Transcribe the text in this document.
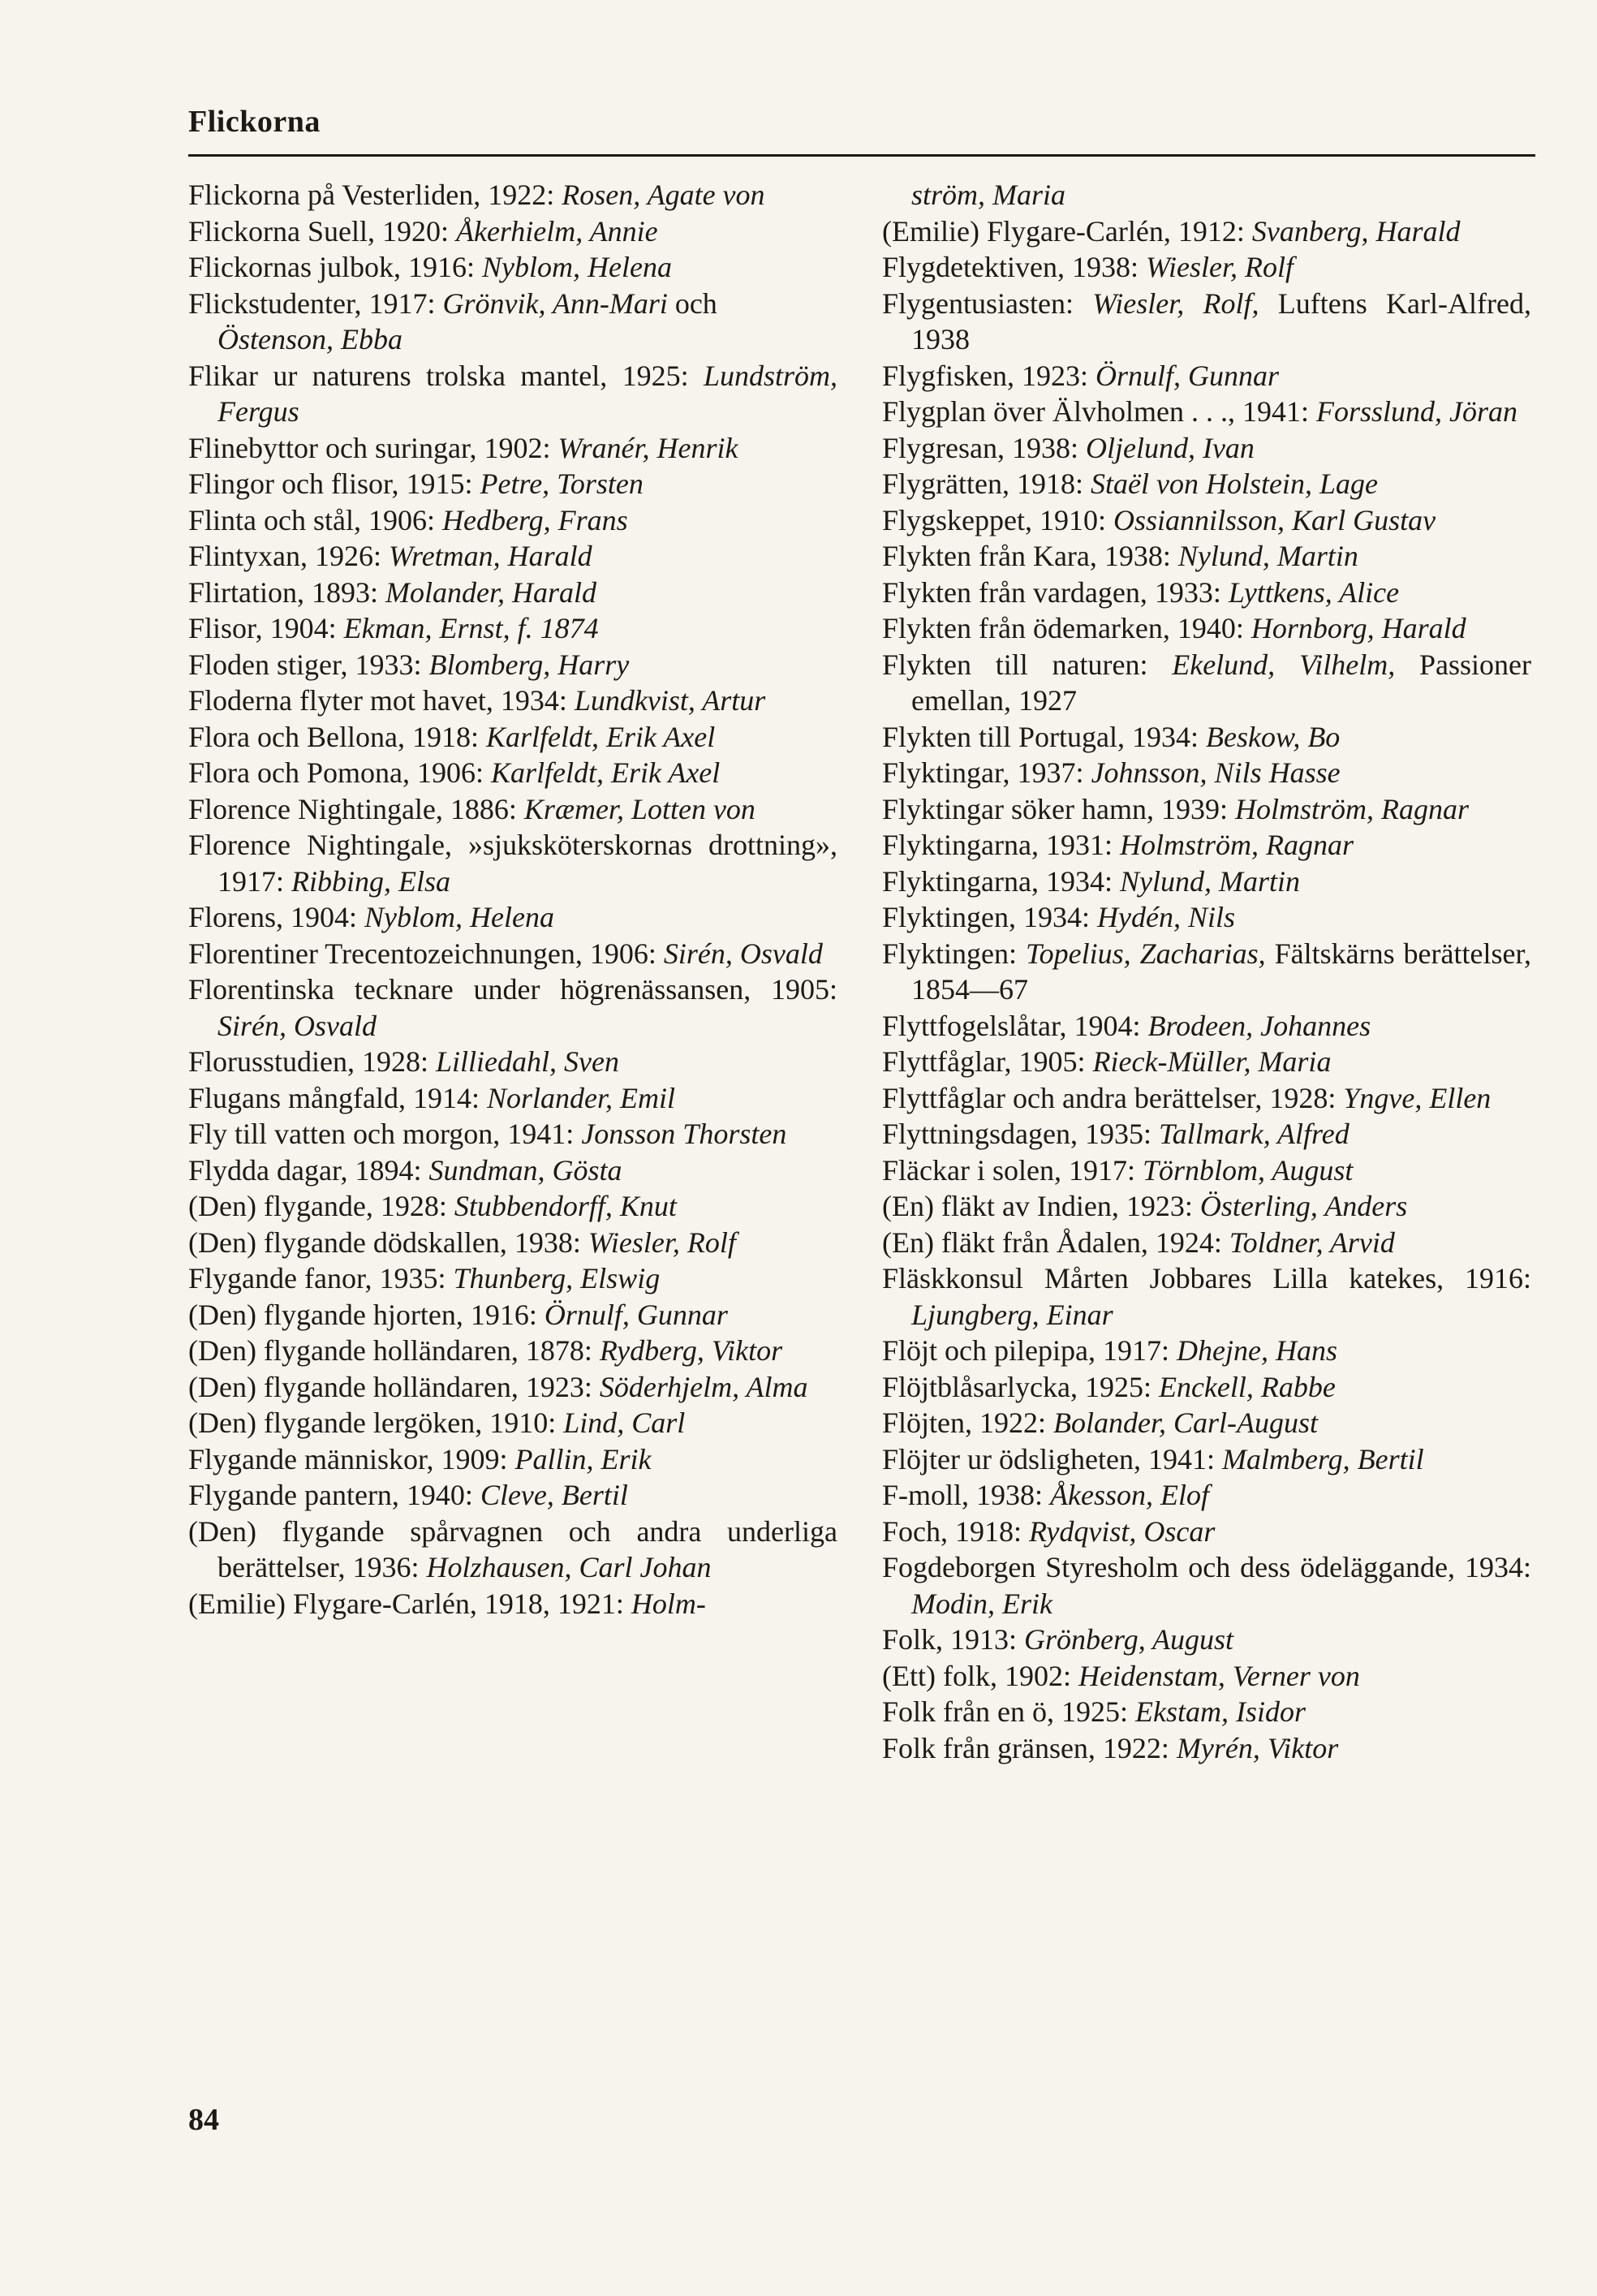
Flickorna

Flickorna på Vesterliden, 1922: Rosen, Agate von

Flickorna Suell, 1920: Åkerhielm, Annie

Flickornas julbok, 1916: Nyblom, Helena

Flickstudenter, 1917: Grönvik, Ann-Mari och

Östenson, Ebba

Flikar ur naturens trolska mantel, 1925: Lundström, Fergus

Flinebyttor och suringar, 1902: Wranér, Henrik

Flingor och flisor, 1915: Petre, Torsten

Flinta och stål, 1906: Hedberg, Frans

Flintyxan, 1926: Wretman, Harald

Flirtation, 1893: Molander, Harald

Flisor, 1904: Ekman, Ernst, f. 1874

Floden stiger, 1933: Blomberg, Harry

Floderna flyter mot havet, 1934: Lundkvist, Artur

Flora och Bellona, 1918: Karlfeldt, Erik Axel

Flora och Pomona, 1906: Karlfeldt, Erik Axel

Florence Nightingale, 1886: Kræmer, Lotten von

Florence Nightingale, »sjuksköterskornas drottning», 1917: Ribbing, Elsa

Florens, 1904: Nyblom, Helena

Florentiner Trecentozeichnungen, 1906: Sirén, Osvald

Florentinska tecknare under högrenässansen, 1905: Sirén, Osvald

Florusstudien, 1928: Lilliedahl, Sven

Flugans mångfald, 1914: Norlander, Emil

Fly till vatten och morgon, 1941: Jonsson Thorsten

Flydda dagar, 1894: Sundman, Gösta

(Den) flygande, 1928: Stubbendorff, Knut

(Den) flygande dödskallen, 1938: Wiesler, Rolf

Flygande fanor, 1935: Thunberg, Elswig

(Den) flygande hjorten, 1916: Örnulf, Gunnar

(Den) flygande holländaren, 1878: Rydberg, Viktor

(Den) flygande holländaren, 1923: Söderhjelm, Alma

(Den) flygande lergöken, 1910: Lind, Carl

Flygande människor, 1909: Pallin, Erik

Flygande pantern, 1940: Cleve, Bertil

(Den) flygande spårvagnen och andra underliga berättelser, 1936: Holzhausen, Carl Johan

(Emilie) Flygare-Carlén, 1918, 1921: Holm-

ström, Maria

(Emilie) Flygare-Carlén, 1912: Svanberg, Harald

Flygdetektiven, 1938: Wiesler, Rolf

Flygentusiasten: Wiesler, Rolf, Luftens Karl-Alfred, 1938

Flygfisken, 1923: Örnulf, Gunnar

Flygplan över Älvholmen . . ., 1941: Forsslund, Jöran

Flygresan, 1938: Oljelund, Ivan

Flygrätten, 1918: Staël von Holstein, Lage

Flygskeppet, 1910: Ossiannilsson, Karl Gustav

Flykten från Kara, 1938: Nylund, Martin

Flykten från vardagen, 1933: Lyttkens, Alice

Flykten från ödemarken, 1940: Hornborg, Harald

Flykten till naturen: Ekelund, Vilhelm, Passioner emellan, 1927

Flykten till Portugal, 1934: Beskow, Bo

Flyktingar, 1937: Johnsson, Nils Hasse

Flyktingar söker hamn, 1939: Holmström, Ragnar

Flyktingarna, 1931: Holmström, Ragnar

Flyktingarna, 1934: Nylund, Martin

Flyktingen, 1934: Hydén, Nils

Flyktingen: Topelius, Zacharias, Fältskärns berättelser, 1854—67

Flyttfogelslåtar, 1904: Brodeen, Johannes

Flyttfåglar, 1905: Rieck-Müller, Maria

Flyttfåglar och andra berättelser, 1928: Yngve, Ellen

Flyttningsdagen, 1935: Tallmark, Alfred

Fläckar i solen, 1917: Törnblom, August

(En) fläkt av Indien, 1923: Österling, Anders

(En) fläkt från Ådalen, 1924: Toldner, Arvid

Fläskkonsul Mårten Jobbares Lilla katekes, 1916: Ljungberg, Einar

Flöjt och pilepipa, 1917: Dhejne, Hans

Flöjtblåsarlycka, 1925: Enckell, Rabbe

Flöjten, 1922: Bolander, Carl-August

Flöjter ur ödsligheten, 1941: Malmberg, Bertil

F-moll, 1938: Åkesson, Elof

Foch, 1918: Rydqvist, Oscar

Fogdeborgen Styresholm och dess ödeläggande, 1934: Modin, Erik

Folk, 1913: Grönberg, August

(Ett) folk, 1902: Heidenstam, Verner von

Folk från en ö, 1925: Ekstam, Isidor

Folk från gränsen, 1922: Myrén, Viktor

84
